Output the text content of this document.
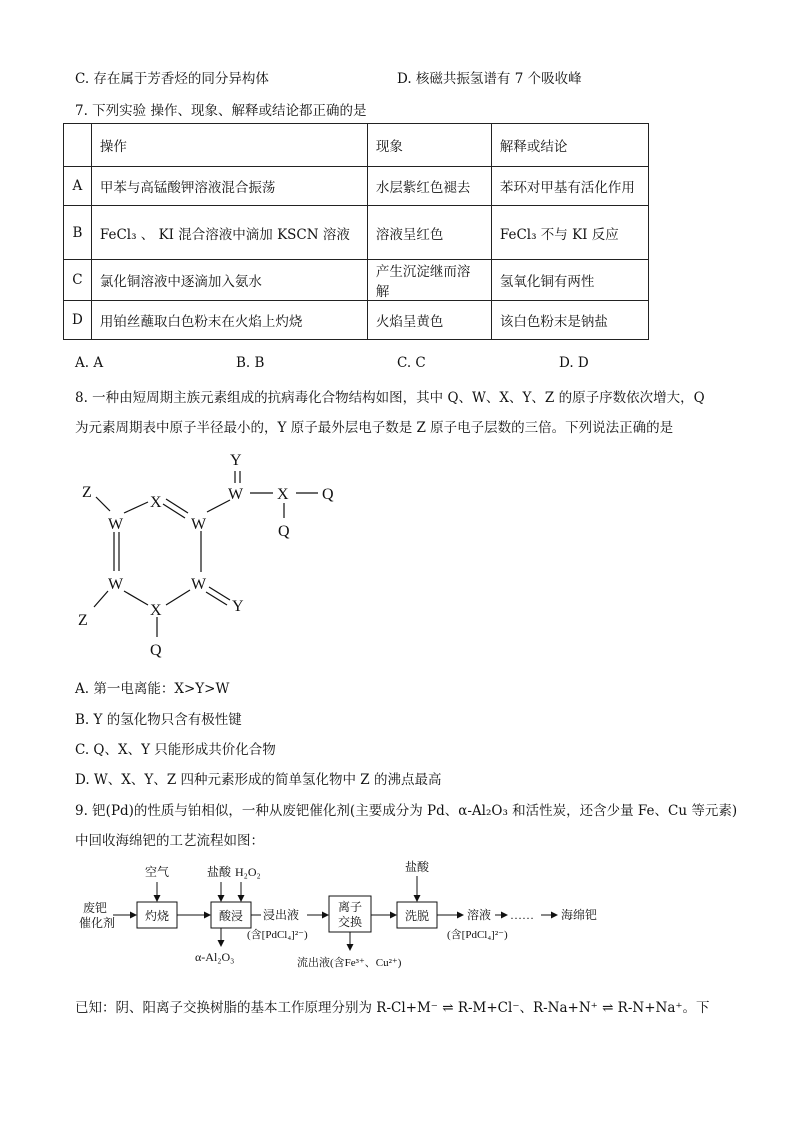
C. 存在属于芳香烃的同分异构体	D. 核磁共振氢谱有 7 个吸收峰
7. 下列实验 操作、现象、解释或结论都正确的是
	操作	现象	解释或结论
A	甲苯与高锰酸钾溶液混合振荡	水层紫红色褪去	苯环对甲基有活化作用
B	FeCl₃ 、 KI 混合溶液中滴加 KSCN 溶液	溶液呈红色	FeCl₃ 不与 KI 反应
C	氯化铜溶液中逐滴加入氨水	产生沉淀继而溶解	氢氧化铜有两性
D	用铂丝蘸取白色粉末在火焰上灼烧	火焰呈黄色	该白色粉末是钠盐
A. A	B. B	C. C	D. D
8. 一种由短周期主族元素组成的抗病毒化合物结构如图，其中 Q、W、X、Y、Z 的原子序数依次增大，Q
为元素周期表中原子半径最小的，Y 原子最外层电子数是 Z 原子电子层数的三倍。下列说法正确的是
Z
W
X
W
Y
W X Q
Q
W	W
Y
X
Z
Q
A. 第一电离能：X>Y>W
B. Y 的氢化物只含有极性键
C. Q、X、Y 只能形成共价化合物
D. W、X、Y、Z 四种元素形成的简单氢化物中 Z 的沸点最高
9. 钯(Pd)的性质与铂相似，一种从废钯催化剂(主要成分为 Pd、α-Al₂O₃ 和活性炭，还含少量 Fe、Cu 等元素)
中回收海绵钯的工艺流程如图：
废钯
催化剂 灼烧	酸浸
离子
交换	洗脱
空气	盐酸 H₂O₂	盐酸
浸出液
(含[PdCl₄]²⁻)
α-Al₂O₃	流出液(含Fe³⁺、Cu²⁺)
溶液
(含[PdCl₄]²⁻)
…… 海绵钯
已知：阴、阳离子交换树脂的基本工作原理分别为 R-Cl+M⁻ ⇌ R-M+Cl⁻、R-Na+N⁺ ⇌ R-N+Na⁺。下
